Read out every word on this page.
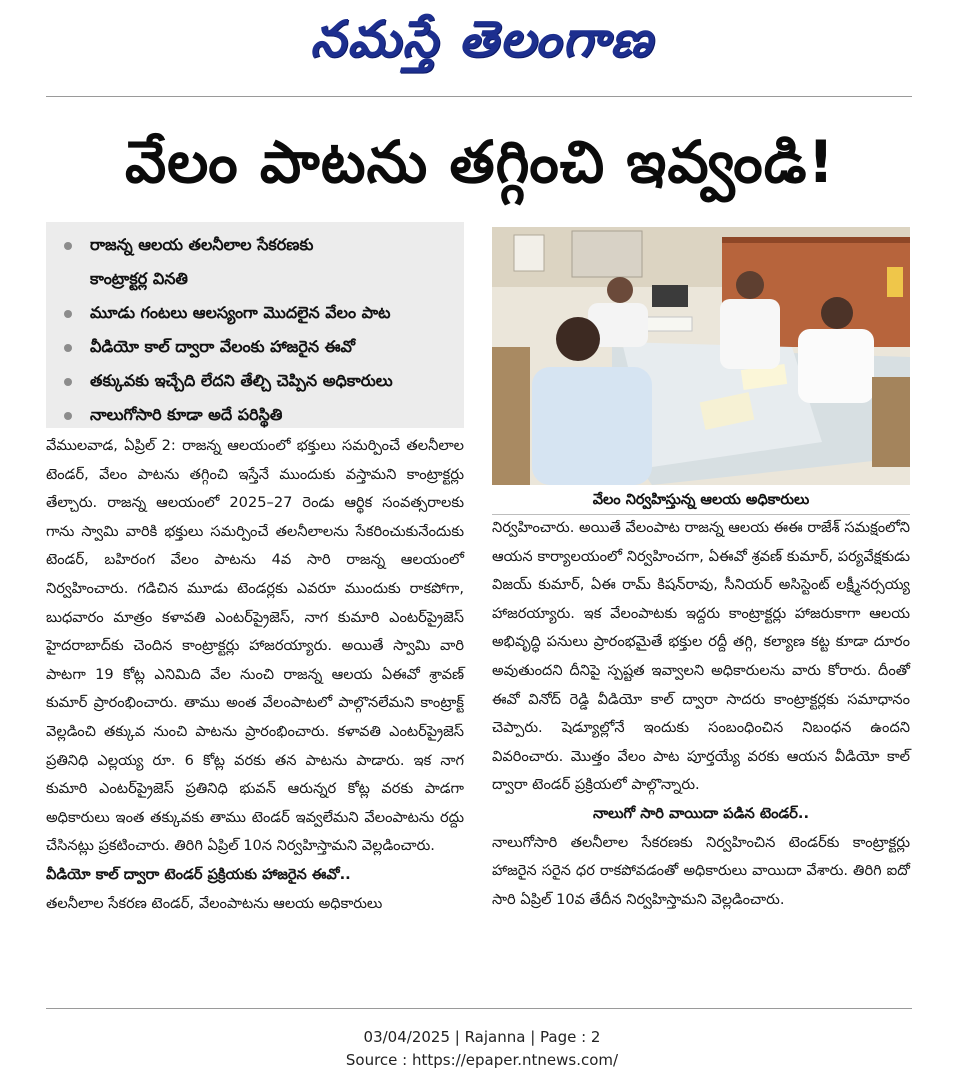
నమస్తే తెలంగాణ
వేలం పాటను తగ్గించి ఇవ్వండి!
రాజన్న ఆలయ తలనీలాల సేకరణకు
కాంట్రాక్టర్ల వినతి
మూడు గంటలు ఆలస్యంగా మొదలైన వేలం పాట
వీడియో కాల్ ద్వారా వేలంకు హాజరైన ఈవో
తక్కువకు ఇచ్చేది లేదని తేల్చి చెప్పిన అధికారులు
నాలుగోసారి కూడా అదే పరిస్థితి

వేములవాడ, ఏప్రిల్ 2: రాజన్న ఆలయంలో భక్తులు సమర్పించే తలనీలాల టెండర్, వేలం పాటను తగ్గించి ఇస్తేనే ముందుకు వస్తామని కాంట్రాక్టర్లు తేల్చారు. రాజన్న ఆలయంలో 2025–27 రెండు ఆర్థిక సంవత్సరాలకు గాను స్వామి వారికి భక్తులు సమర్పించే తలనీలాలను సేకరించుకునేందుకు టెండర్, బహిరంగ వేలం పాటను 4వ సారి రాజన్న ఆలయంలో నిర్వహించారు. గడిచిన మూడు టెండర్లకు ఎవరూ ముందుకు రాకపోగా, బుధవారం మాత్రం కళావతి ఎంటర్‌ప్రైజెస్, నాగ కుమారి ఎంటర్‌ప్రైజెస్ హైదరాబాద్‌కు చెందిన కాంట్రాక్టర్లు హాజరయ్యారు. అయితే స్వామి వారి పాటగా 19 కోట్ల ఎనిమిది వేల నుంచి రాజన్న ఆలయ ఏఈవో శ్రావణ్ కుమార్ ప్రారంభించారు. తాము అంత వేలంపాటలో పాల్గొనలేమని కాంట్రాక్ట్ వెల్లడించి తక్కువ నుంచి పాటను ప్రారంభించారు. కళావతి ఎంటర్‌ప్రైజెస్ ప్రతినిధి ఎల్లయ్య రూ. 6 కోట్ల వరకు తన పాటను పాడారు. ఇక నాగ కుమారి ఎంటర్‌ప్రైజెస్ ప్రతినిధి భువన్ ఆరున్నర కోట్ల వరకు పాడగా అధికారులు ఇంత తక్కువకు తాము టెండర్ ఇవ్వలేమని వేలంపాటను రద్దు చేసినట్లు ప్రకటించారు. తిరిగి ఏప్రిల్ 10న నిర్వహిస్తామని వెల్లడించారు.

వీడియో కాల్ ద్వారా టెండర్ ప్రక్రియకు హాజరైన ఈవో..

తలనీలాల సేకరణ టెండర్, వేలంపాటను ఆలయ అధికారులు

వేలం నిర్వహిస్తున్న ఆలయ అధికారులు

నిర్వహించారు. అయితే వేలంపాట రాజన్న ఆలయ ఈఈ రాజేశ్ సమక్షంలోని ఆయన కార్యాలయంలో నిర్వహించగా, ఏఈవో శ్రవణ్ కుమార్, పర్యవేక్షకుడు విజయ్ కుమార్, ఏఈ రామ్ కిషన్‌రావు, సీనియర్ అసిస్టెంట్ లక్ష్మీనర్సయ్య హాజరయ్యారు. ఇక వేలంపాటకు ఇద్దరు కాంట్రాక్టర్లు హాజరుకాగా ఆలయ అభివృద్ధి పనులు ప్రారంభమైతే భక్తుల రద్దీ తగ్గి, కల్యాణ కట్ట కూడా దూరం అవుతుందని దీనిపై స్పష్టత ఇవ్వాలని అధికారులను వారు కోరారు. దీంతో ఈవో వినోద్ రెడ్డి వీడియో కాల్ ద్వారా సాదరు కాంట్రాక్టర్లకు సమాధానం చెప్పారు. షెడ్యూల్లోనే ఇందుకు సంబంధించిన నిబంధన ఉందని వివరించారు. మొత్తం వేలం పాట పూర్తయ్యే వరకు ఆయన వీడియో కాల్ ద్వారా టెండర్ ప్రక్రియలో పాల్గొన్నారు.

నాలుగో సారి వాయిదా పడిన టెండర్..

నాలుగోసారి తలనీలాల సేకరణకు నిర్వహించిన టెండర్‌కు కాంట్రాక్టర్లు హాజరైన సరైన ధర రాకపోవడంతో అధికారులు వాయిదా వేశారు. తిరిగి ఐదో సారి ఏప్రిల్ 10వ తేదీన నిర్వహిస్తామని వెల్లడించారు.

03/04/2025 | Rajanna | Page : 2
Source : https://epaper.ntnews.com/
